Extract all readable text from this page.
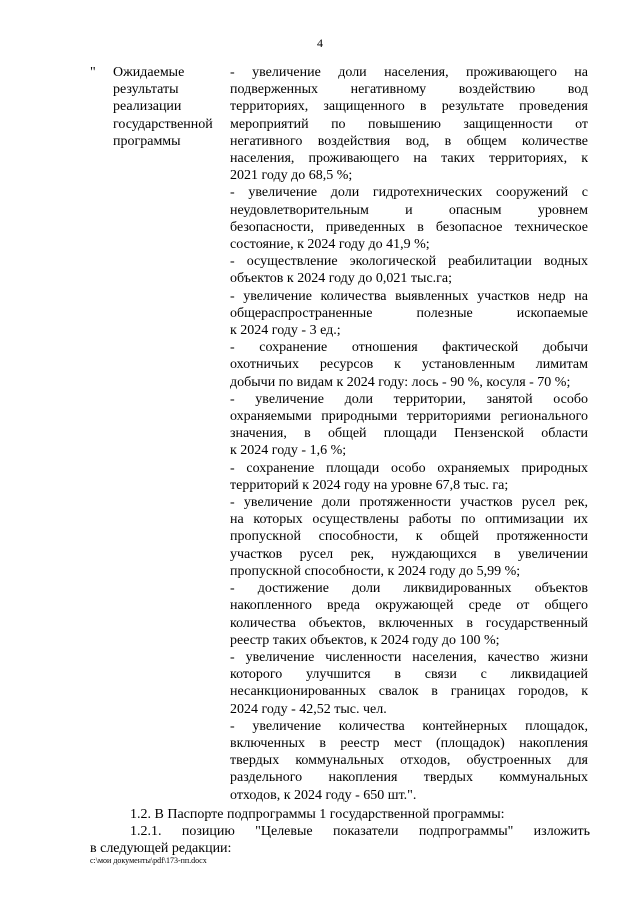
4
" Ожидаемые
результаты
реализации
государственной
программы
- увеличение доли населения, проживающего на
подверженных негативному воздействию вод
территориях, защищенного в результате проведения
мероприятий по повышению защищенности от
негативного воздействия вод, в общем количестве
населения, проживающего на таких территориях, к
2021 году до 68,5 %;
- увеличение доли гидротехнических сооружений с
неудовлетворительным и опасным уровнем
безопасности, приведенных в безопасное техническое
состояние, к 2024 году до 41,9 %;
- осуществление экологической реабилитации водных
объектов к 2024 году до 0,021 тыс.га;
- увеличение количества выявленных участков недр на
общераспространенные полезные ископаемые
к 2024 году - 3 ед.;
- сохранение отношения фактической добычи
охотничьих ресурсов к установленным лимитам
добычи по видам к 2024 году: лось - 90 %, косуля - 70 %;
- увеличение доли территории, занятой особо
охраняемыми природными территориями регионального
значения, в общей площади Пензенской области
к 2024 году - 1,6 %;
- сохранение площади особо охраняемых природных
территорий к 2024 году на уровне 67,8 тыс. га;
- увеличение доли протяженности участков русел рек,
на которых осуществлены работы по оптимизации их
пропускной способности, к общей протяженности
участков русел рек, нуждающихся в увеличении
пропускной способности, к 2024 году до 5,99 %;
- достижение доли ликвидированных объектов
накопленного вреда окружающей среде от общего
количества объектов, включенных в государственный
реестр таких объектов, к 2024 году до 100 %;
- увеличение численности населения, качество жизни
которого улучшится в связи с ликвидацией
несанкционированных свалок в границах городов, к
2024 году - 42,52 тыс. чел.
- увеличение количества контейнерных площадок,
включенных в реестр мест (площадок) накопления
твердых коммунальных отходов, обустроенных для
раздельного накопления твердых коммунальных
отходов, к 2024 году - 650 шт.".
1.2. В Паспорте подпрограммы 1 государственной программы:
1.2.1. позицию "Целевые показатели подпрограммы" изложить
в следующей редакции:
c:\мои документы\pdf\173-пп.docx
